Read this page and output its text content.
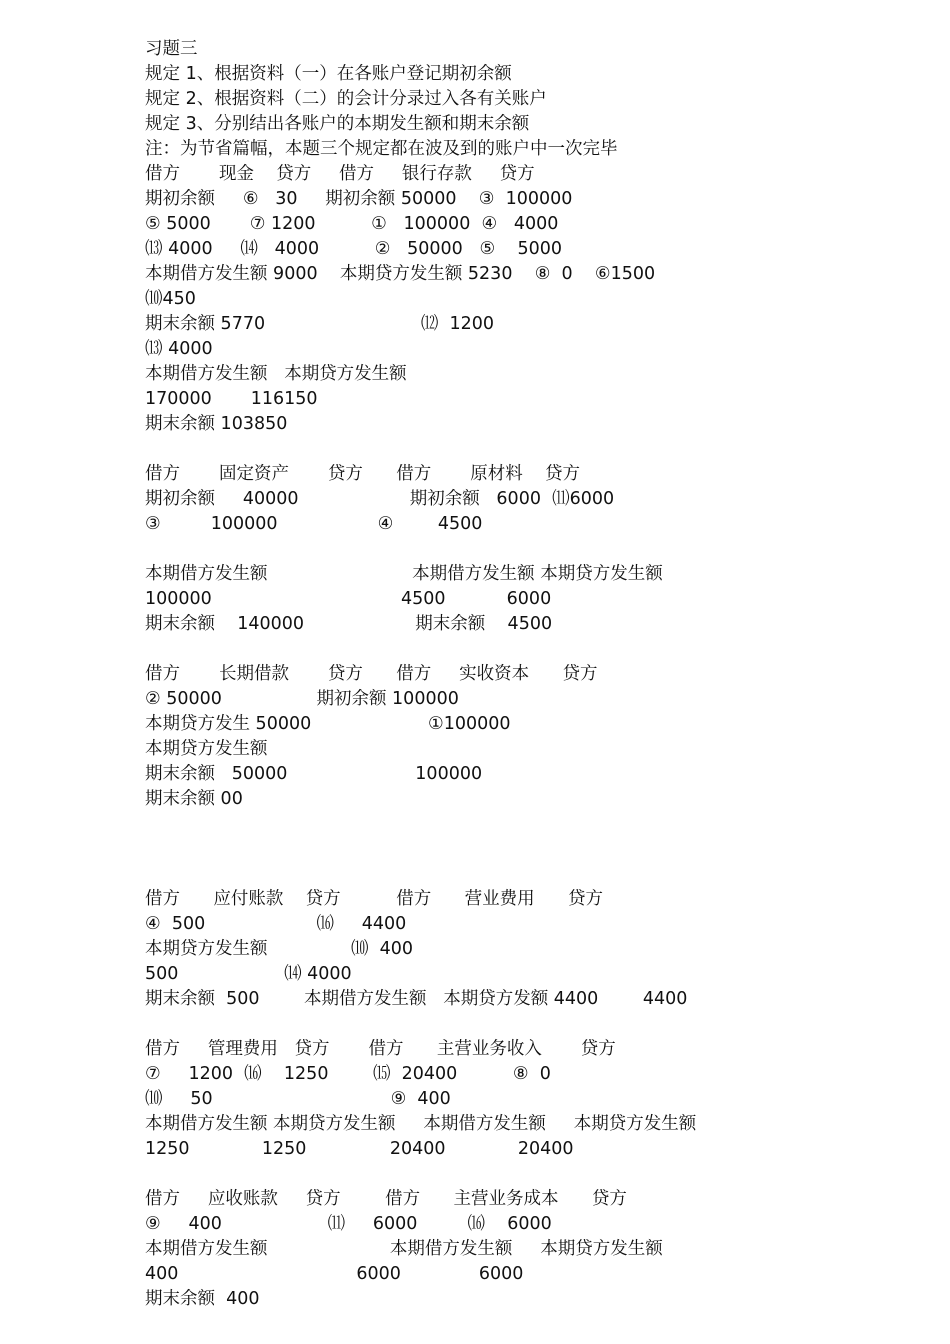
习题三
规定 1、根据资料（一）在各账户登记期初余额
规定 2、根据资料（二）的会计分录过入各有关账户
规定 3、分别结出各账户的本期发生额和期末余额
注：为节省篇幅，本题三个规定都在波及到的账户中一次完毕
借方       现金    贷方     借方     银行存款     贷方
期初余额     ⑥   30     期初余额 50000    ③  100000
⑤ 5000       ⑦ 1200          ①   100000  ④   4000
⒀ 4000     ⒁   4000          ②   50000   ⑤    5000
本期借方发生额 9000    本期贷方发生额 5230    ⑧  0    ⑥1500
⑽450
期末余额 5770                            ⑿  1200
⒀ 4000
本期借方发生额   本期贷方发生额
170000       116150
期末余额 103850
借方       固定资产       贷方      借方       原材料    贷方
期初余额     40000                    期初余额   6000  ⑾6000
③         100000                  ④        4500
本期借方发生额                          本期借方发生额 本期贷方发生额
100000                                  4500           6000
期末余额    140000                    期末余额    4500
借方       长期借款       贷方      借方     实收资本      贷方
② 50000                 期初余额 100000
本期贷方发生 50000                     ①100000
本期贷方发生额
期末余额   50000                       100000
期末余额 00
借方      应付账款    贷方          借方      营业费用      贷方
④  500                    ⒃     4400
本期贷方发生额               ⑽  400
500                   ⒁ 4000
期末余额  500        本期借方发生额   本期贷方发额 4400        4400
借方     管理费用   贷方       借方      主营业务收入       贷方
⑦     1200  ⒃    1250        ⒂  20400          ⑧  0
⑽     50                                ⑨  400
本期借方发生额 本期贷方发生额     本期借方发生额     本期贷方发生额
1250             1250               20400             20400
借方     应收账款     贷方        借方      主营业务成本      贷方
⑨     400                   ⑾     6000         ⒃    6000
本期借方发生额                      本期借方发生额     本期贷方发生额
400                                6000              6000
期末余额  400
